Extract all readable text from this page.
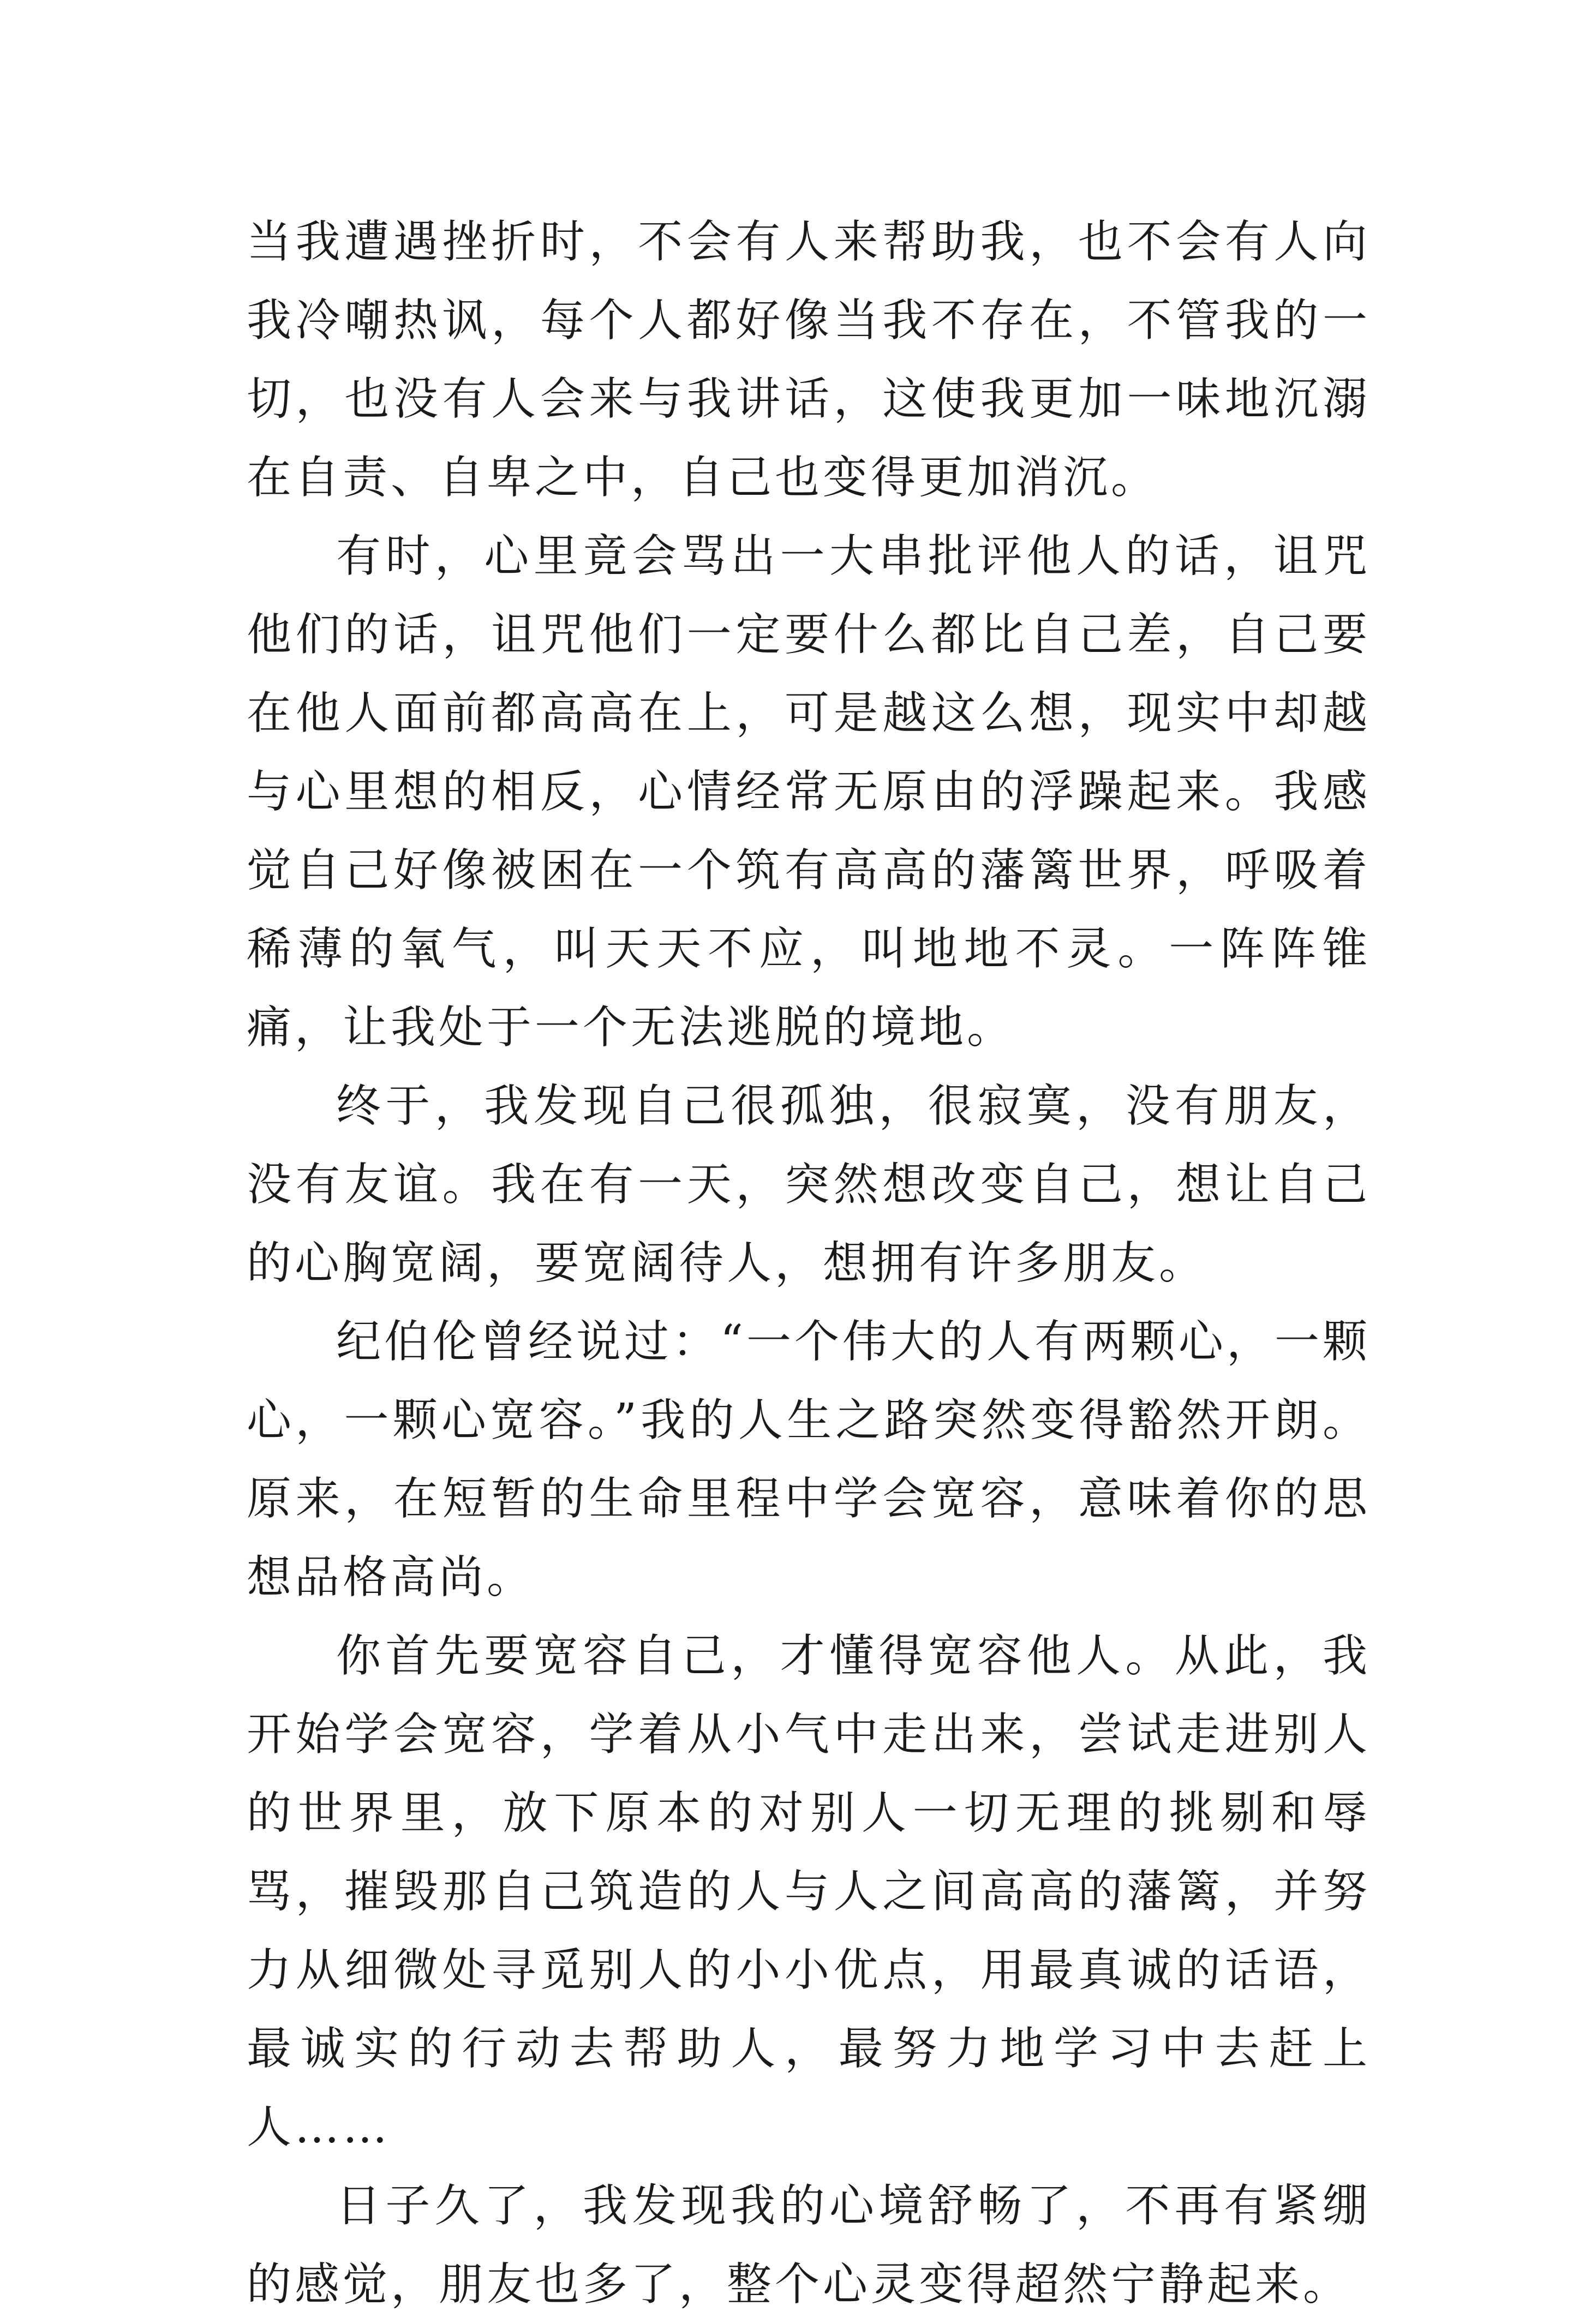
当我遭遇挫折时，不会有人来帮助我，也不会有人向我冷嘲热讽，每个人都好像当我不存在，不管我的一切，也没有人会来与我讲话，这使我更加一味地沉溺在自责、自卑之中，自己也变得更加消沉。

有时，心里竟会骂出一大串批评他人的话，诅咒他们的话，诅咒他们一定要什么都比自己差，自己要在他人面前都高高在上，可是越这么想，现实中却越与心里想的相反，心情经常无原由的浮躁起来。我感觉自己好像被困在一个筑有高高的藩篱世界，呼吸着稀薄的氧气，叫天天不应，叫地地不灵。一阵阵锥痛，让我处于一个无法逃脱的境地。

终于，我发现自己很孤独，很寂寞，没有朋友，没有友谊。我在有一天，突然想改变自己，想让自己的心胸宽阔，要宽阔待人，想拥有许多朋友。

纪伯伦曾经说过：“一个伟大的人有两颗心，一颗心，一颗心宽容。”我的人生之路突然变得豁然开朗。原来，在短暂的生命里程中学会宽容，意味着你的思想品格高尚。

你首先要宽容自己，才懂得宽容他人。从此，我开始学会宽容，学着从小气中走出来，尝试走进别人的世界里，放下原本的对别人一切无理的挑剔和辱骂，摧毁那自己筑造的人与人之间高高的藩篱，并努力从细微处寻觅别人的小小优点，用最真诚的话语，最诚实的行动去帮助人，最努力地学习中去赶上人……

日子久了，我发现我的心境舒畅了，不再有紧绷的感觉，朋友也多了，整个心灵变得超然宁静起来。
